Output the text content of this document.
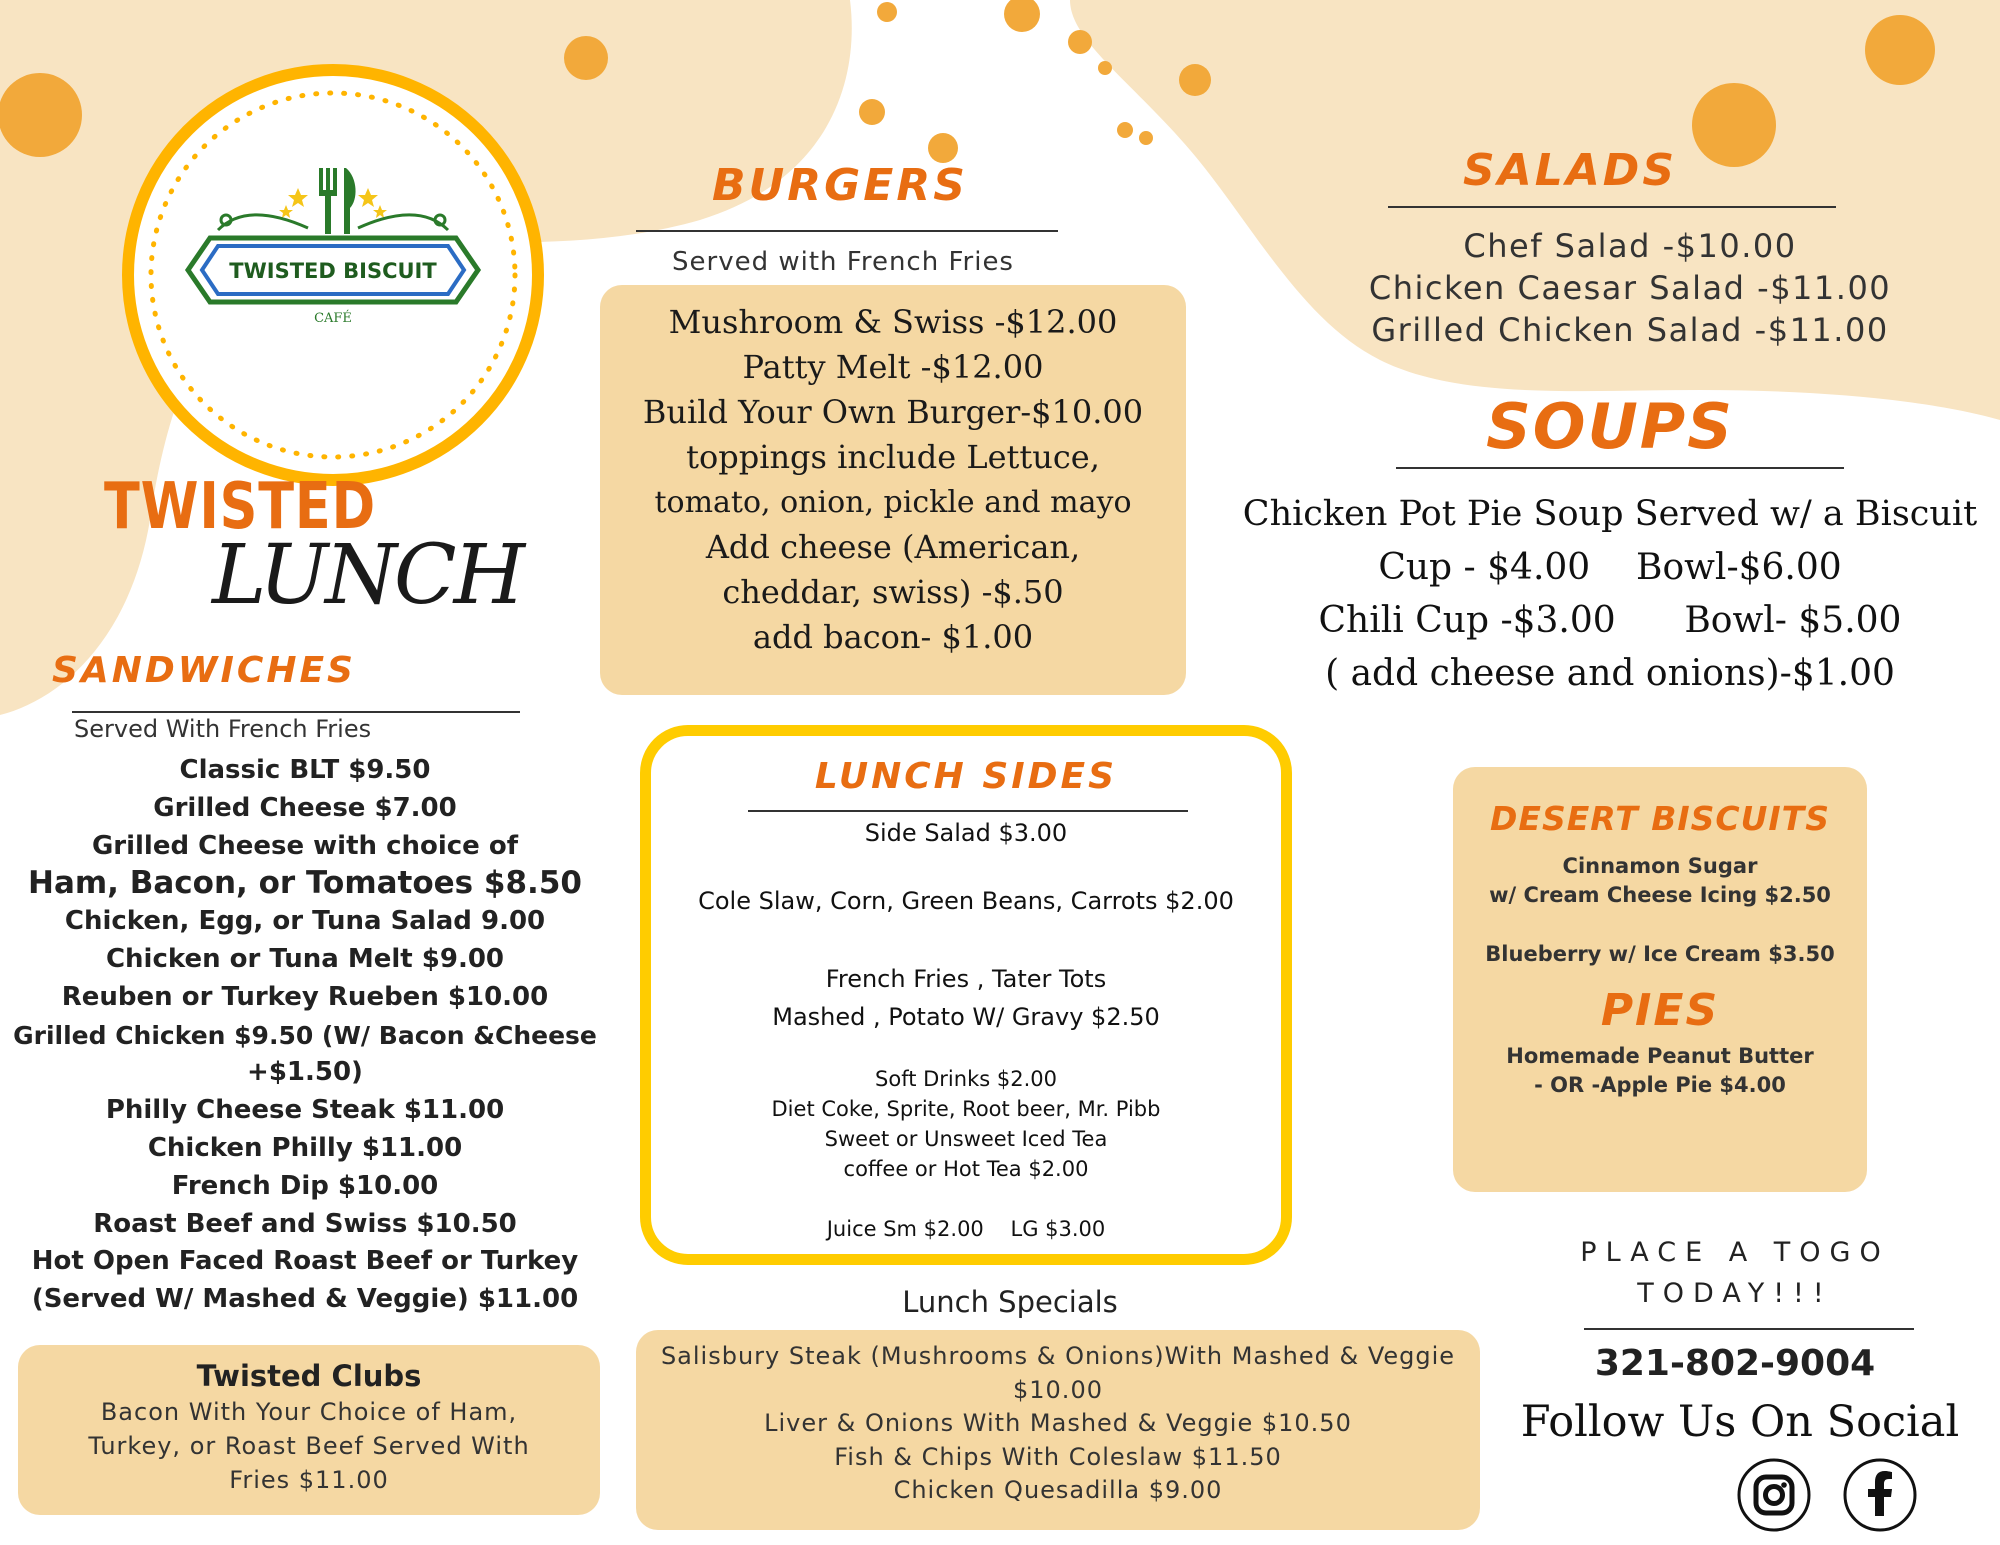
TWISTED BISCUIT
CAFÉ
TWISTED
LUNCH
SANDWICHES
Served With French Fries
Classic BLT $9.50
Grilled Cheese $7.00
Grilled Cheese with choice of
Ham, Bacon, or Tomatoes $8.50
Chicken, Egg, or Tuna Salad 9.00
Chicken or Tuna Melt $9.00
Reuben or Turkey Rueben $10.00
Grilled Chicken $9.50 (W/ Bacon &Cheese
+$1.50)
Philly Cheese Steak $11.00
Chicken Philly $11.00
French Dip $10.00
Roast Beef and Swiss $10.50
Hot Open Faced Roast Beef or Turkey
(Served W/ Mashed & Veggie) $11.00
Twisted Clubs
Bacon With Your Choice of Ham,
Turkey, or Roast Beef Served With
Fries $11.00
BURGERS
Served with French Fries
Mushroom & Swiss -$12.00
Patty Melt -$12.00
Build Your Own Burger-$10.00
toppings include Lettuce,
tomato, onion, pickle and mayo
Add cheese (American,
cheddar, swiss) -$.50
add bacon- $1.00
LUNCH SIDES
Side Salad $3.00
Cole Slaw, Corn, Green Beans, Carrots $2.00
French Fries , Tater Tots
Mashed , Potato W/ Gravy $2.50
Soft Drinks $2.00
Diet Coke, Sprite, Root beer, Mr. Pibb
Sweet or Unsweet Iced Tea
coffee or Hot Tea $2.00
Juice Sm $2.00    LG $3.00
Lunch Specials
Salisbury Steak (Mushrooms & Onions)With Mashed & Veggie
$10.00
Liver & Onions With Mashed & Veggie $10.50
Fish & Chips With Coleslaw $11.50
Chicken Quesadilla $9.00
SALADS
Chef Salad -$10.00
Chicken Caesar Salad -$11.00
Grilled Chicken Salad -$11.00
SOUPS
Chicken Pot Pie Soup Served w/ a Biscuit
Cup - $4.00    Bowl-$6.00
Chili Cup -$3.00      Bowl- $5.00
( add cheese and onions)-$1.00
DESERT BISCUITS
Cinnamon Sugar
w/ Cream Cheese Icing $2.50
Blueberry w/ Ice Cream $3.50
PIES
Homemade Peanut Butter
- OR -Apple Pie $4.00
PLACE A TOGO
TODAY!!!
321-802-9004
Follow Us On Social
